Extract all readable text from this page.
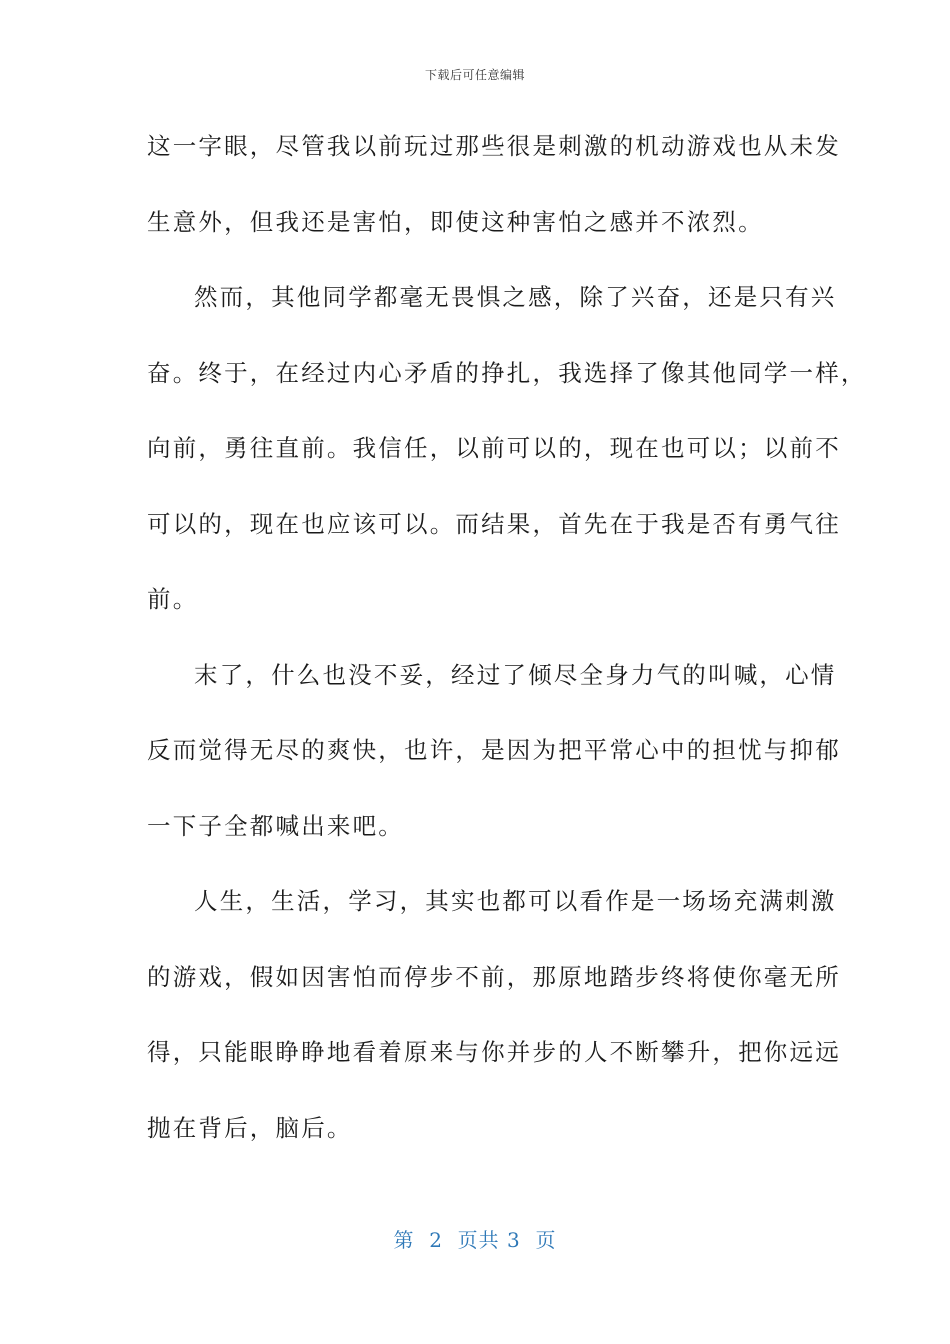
下载后可任意编辑
这一字眼，尽管我以前玩过那些很是刺激的机动游戏也从未发
生意外，但我还是害怕，即使这种害怕之感并不浓烈。
然而，其他同学都毫无畏惧之感，除了兴奋，还是只有兴
奋。终于，在经过内心矛盾的挣扎，我选择了像其他同学一样，
向前，勇往直前。我信任，以前可以的，现在也可以；以前不
可以的，现在也应该可以。而结果，首先在于我是否有勇气往
前。
末了，什么也没不妥，经过了倾尽全身力气的叫喊，心情
反而觉得无尽的爽快，也许，是因为把平常心中的担忧与抑郁
一下子全都喊出来吧。
人生，生活，学习，其实也都可以看作是一场场充满刺激
的游戏，假如因害怕而停步不前，那原地踏步终将使你毫无所
得，只能眼睁睁地看着原来与你并步的人不断攀升，把你远远
抛在背后，脑后。
第  2  页共 3  页
